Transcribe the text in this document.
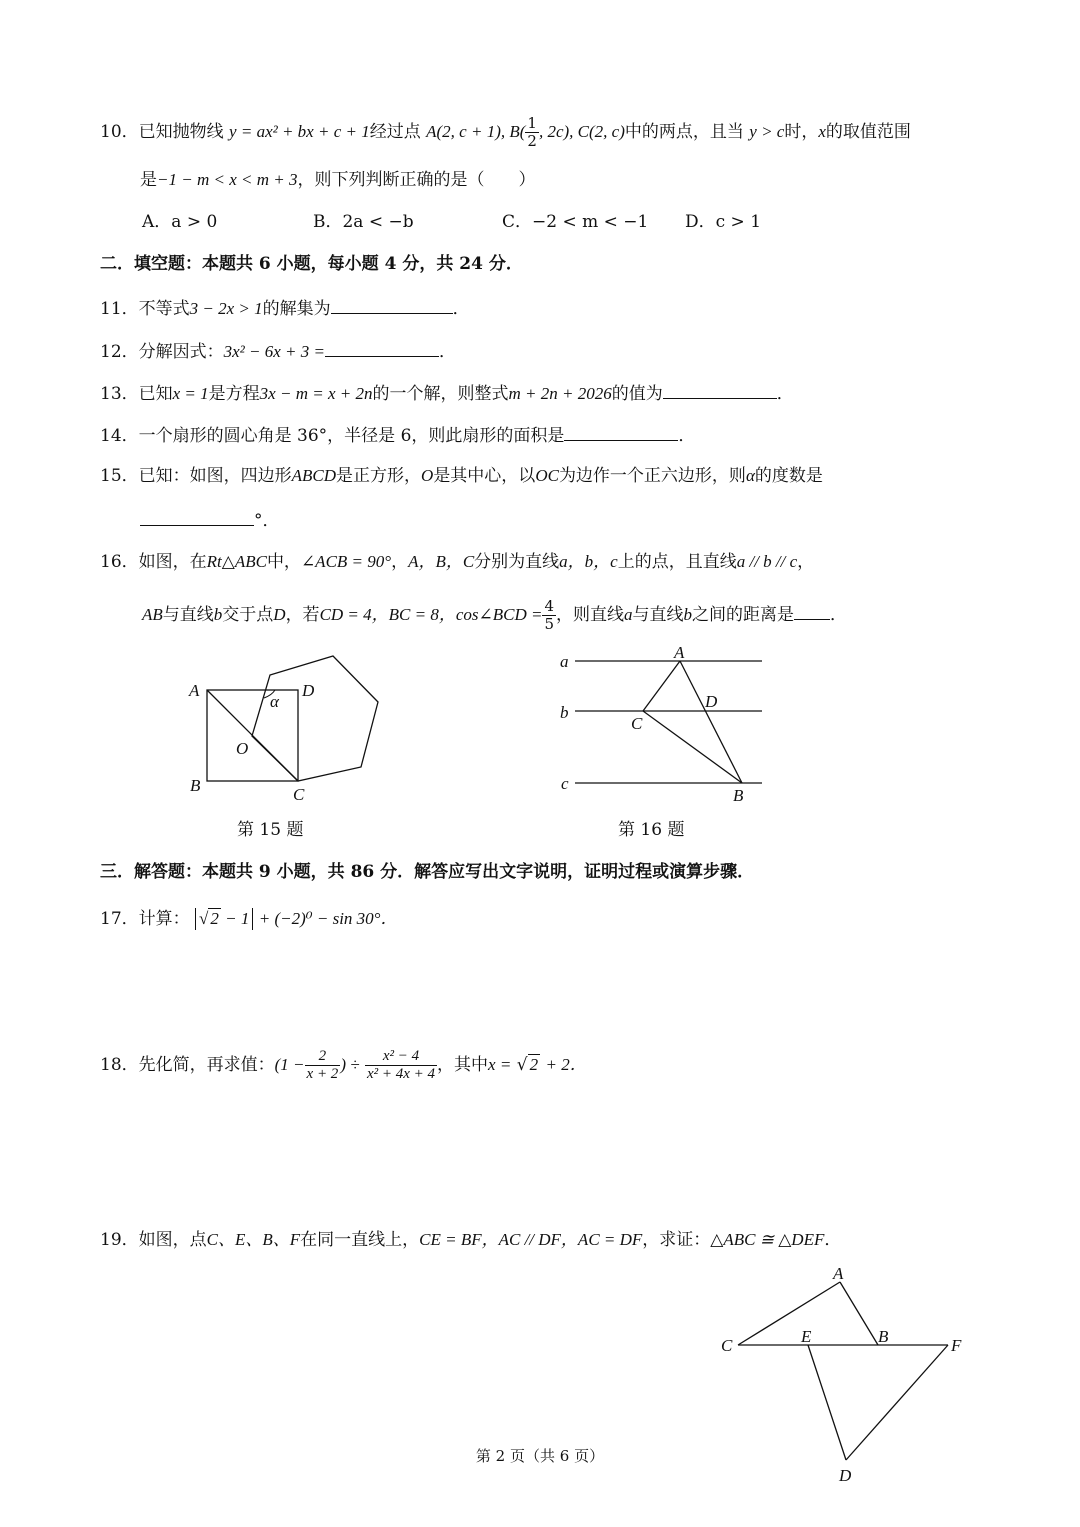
10．已知抛物线 y = ax² + bx + c + 1经过点 A(2, c + 1), $B( \frac{1}{2}$ , 2c), C(2, c)中的两点，且当 y > c时，x的取值范围
是−1 − m < x < m + 3，则下列判断正确的是（　　）
A．a > 0	B．2a < −b	C．−2 < m < −1 D．c > 1
二．填空题：本题共 6 小题，每小题 4 分，共 24 分．
11．不等式3 − 2x > 1的解集为	．
12．分解因式：3x² − 6x + 3 =	．
13．已知x = 1是方程3x − m = x + 2n的一个解，则整式m + 2n + 2026的值为	．
14．一个扇形的圆心角是 36°，半径是 6，则此扇形的面积是	．
15．已知：如图，四边形ABCD是正方形，O是其中心，以OC为边作一个正六边形，则α的度数是
°．
16．如图，在Rt△ABC中，∠ACB = 90°，A，B，C分别为直线a，b，c上的点，且直线a // b // c，
AB与直线b交于点D，若CD = 4，BC = 8，cos∠BCD = $\frac{4}{5}$ ，则直线a与直线b之间的距离是 ．
A	D
B	C
O
α
第 15 题
a
b
c
A
D
C
B
第 16 题
三．解答题：本题共 9 小题，共 86 分．解答应写出文字说明，证明过程或演算步骤．
17．计算： √ 2 − 1 + (−2)⁰ − sin 30°．
18．先化简，再求值：($1 - \frac{2}{x + 2}$ ) ÷ $\frac{\text{x² − 4}}{\text{x² + 4x + 4}}$ ，其中x = √ 2 + 2．
19．如图，点C、E、B、F在同一直线上，CE = BF，AC // DF，AC = DF，求证：△ABC ≅ △DEF．
A
C	E	B	F
D
第 2 页（共 6 页）
